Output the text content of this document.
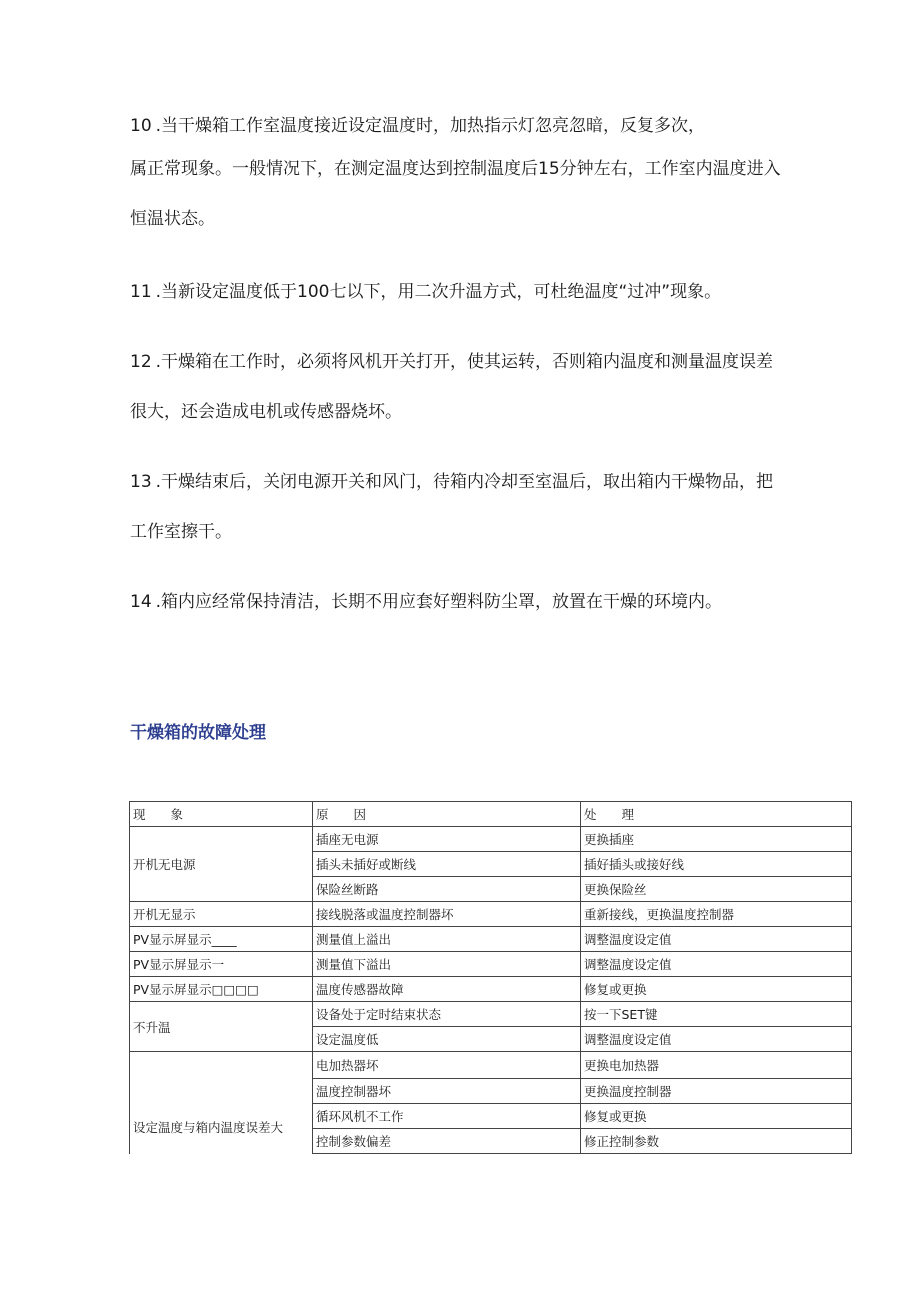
10 .当干燥箱工作室温度接近设定温度时，加热指示灯忽亮忽暗，反复多次，
属正常现象。一般情况下，在测定温度达到控制温度后15分钟左右，工作室内温度进入
恒温状态。
11 .当新设定温度低于100七以下，用二次升温方式，可杜绝温度“过冲”现象。
12 .干燥箱在工作时，必须将风机开关打开，使其运转，否则箱内温度和测量温度误差
很大，还会造成电机或传感器烧坏。
13 .干燥结束后，关闭电源开关和风门，待箱内冷却至室温后，取出箱内干燥物品，把
工作室擦干。
14 .箱内应经常保持清洁，长期不用应套好塑料防尘罩，放置在干燥的环境内。
干燥箱的故障处理
现　　象	原　　因	处　　理
开机无电源	插座无电源	更换插座
	插头未插好或断线	插好插头或接好线
	保险丝断路	更换保险丝
开机无显示	接线脱落或温度控制器坏	重新接线，更换温度控制器
PV显示屏显示____	测量值上溢出	调整温度设定值
PV显示屏显示一	测量值下溢出	调整温度设定值
PV显示屏显示□□□□	温度传感器故障	修复或更换
不升温	设备处于定时结束状态	按一下SET键
	设定温度低	调整温度设定值
设定温度与箱内温度误差大	电加热器坏	更换电加热器
	温度控制器坏	更换温度控制器
	循环风机不工作	修复或更换
	控制参数偏差	修正控制参数
